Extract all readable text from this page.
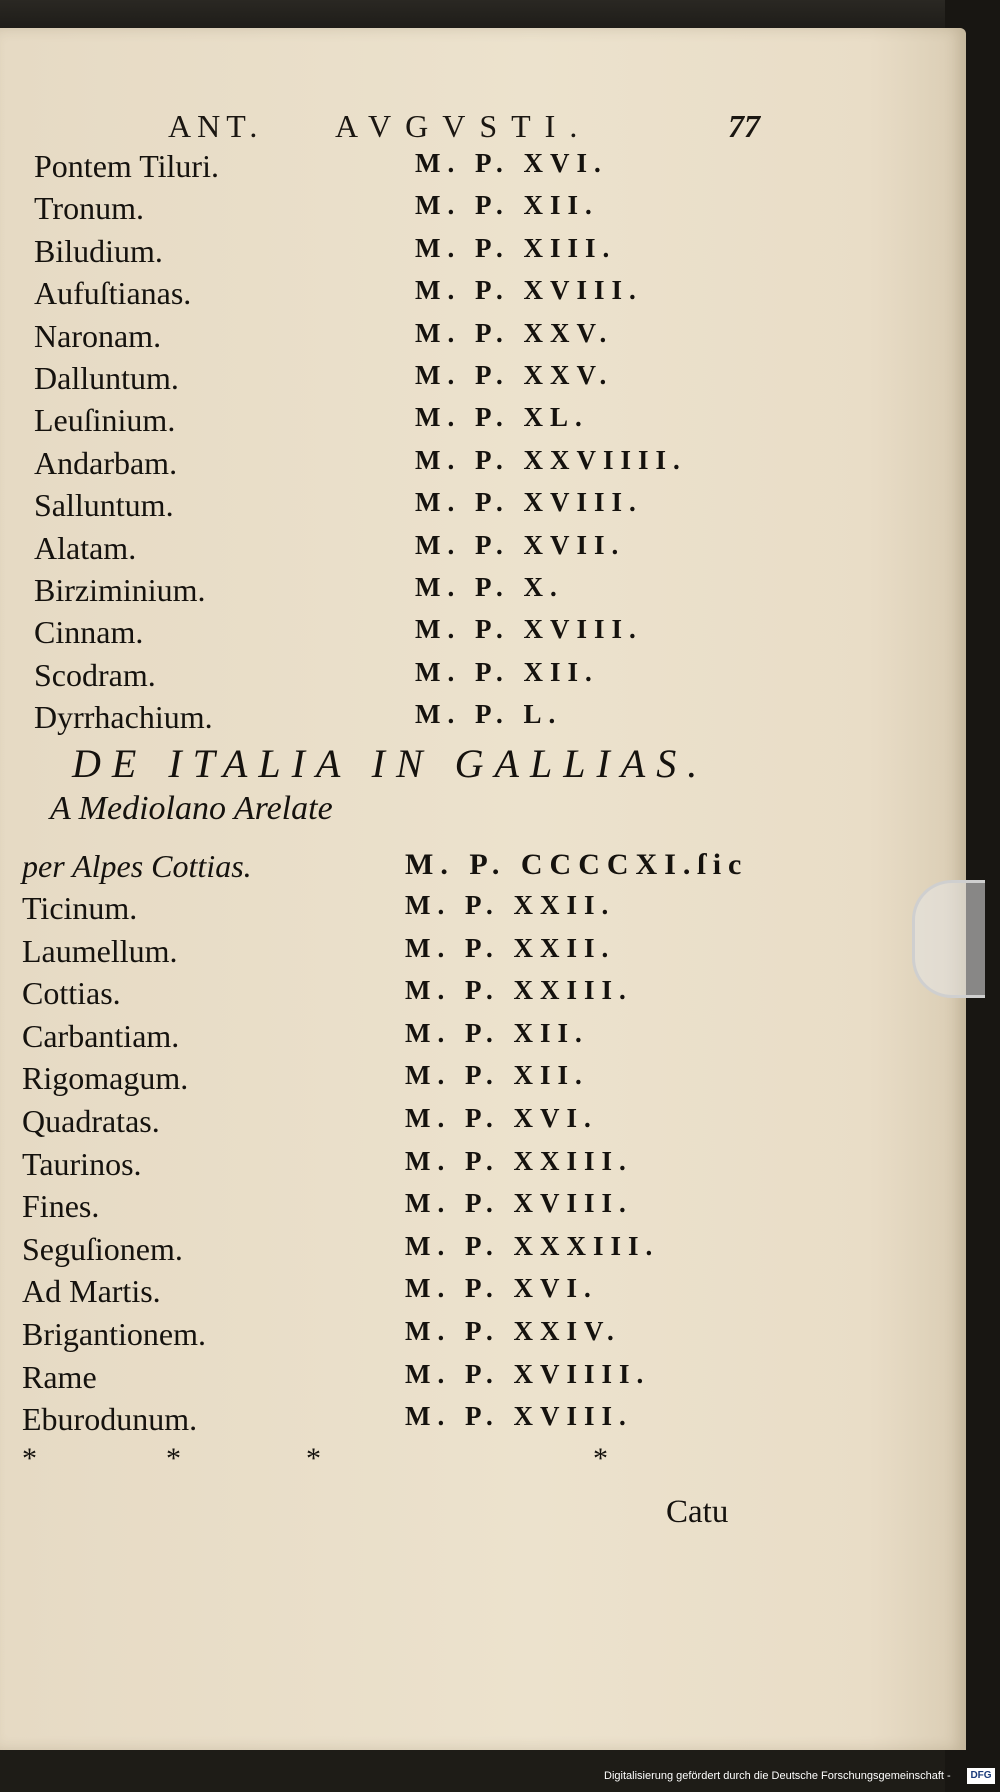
ANT. AVGVSTI.	77
Pontem Tiluri.	M. P. XVI.
Tronum.	M. P. XII.
Biludium.	M. P. XIII.
Aufuſtianas.	M. P. XVIII.
Naronam.	M. P. XXV.
Dalluntum.	M. P. XXV.
Leuſinium.	M. P. XL.
Andarbam.	M. P. XXVIIII.
Salluntum.	M. P. XVIII.
Alatam.	M. P. XVII.
Birziminium.	M. P. X.
Cinnam.	M. P. XVIII.
Scodram.	M. P. XII.
Dyrrhachium.	M. P. L.
DE ITALIA IN GALLIAS.
A Mediolano Arelate
per Alpes Cottias.	M. P. CCCCXI.ſic
Ticinum.	M. P. XXII.
Laumellum.	M. P. XXII.
Cottias.	M. P. XXIII.
Carbantiam.	M. P. XII.
Rigomagum.	M. P. XII.
Quadratas.	M. P. XVI.
Taurinos.	M. P. XXIII.
Fines.	M. P. XVIII.
Seguſionem.	M. P. XXXIII.
Ad Martis.	M. P. XVI.
Brigantionem.	M. P. XXIV.
Rame	M. P. XVIIII.
Eburodunum.	M. P. XVIII.
*	*	*	*
Catu
Digitalisierung gefördert durch die Deutsche Forschungsgemeinschaft -	DFG
